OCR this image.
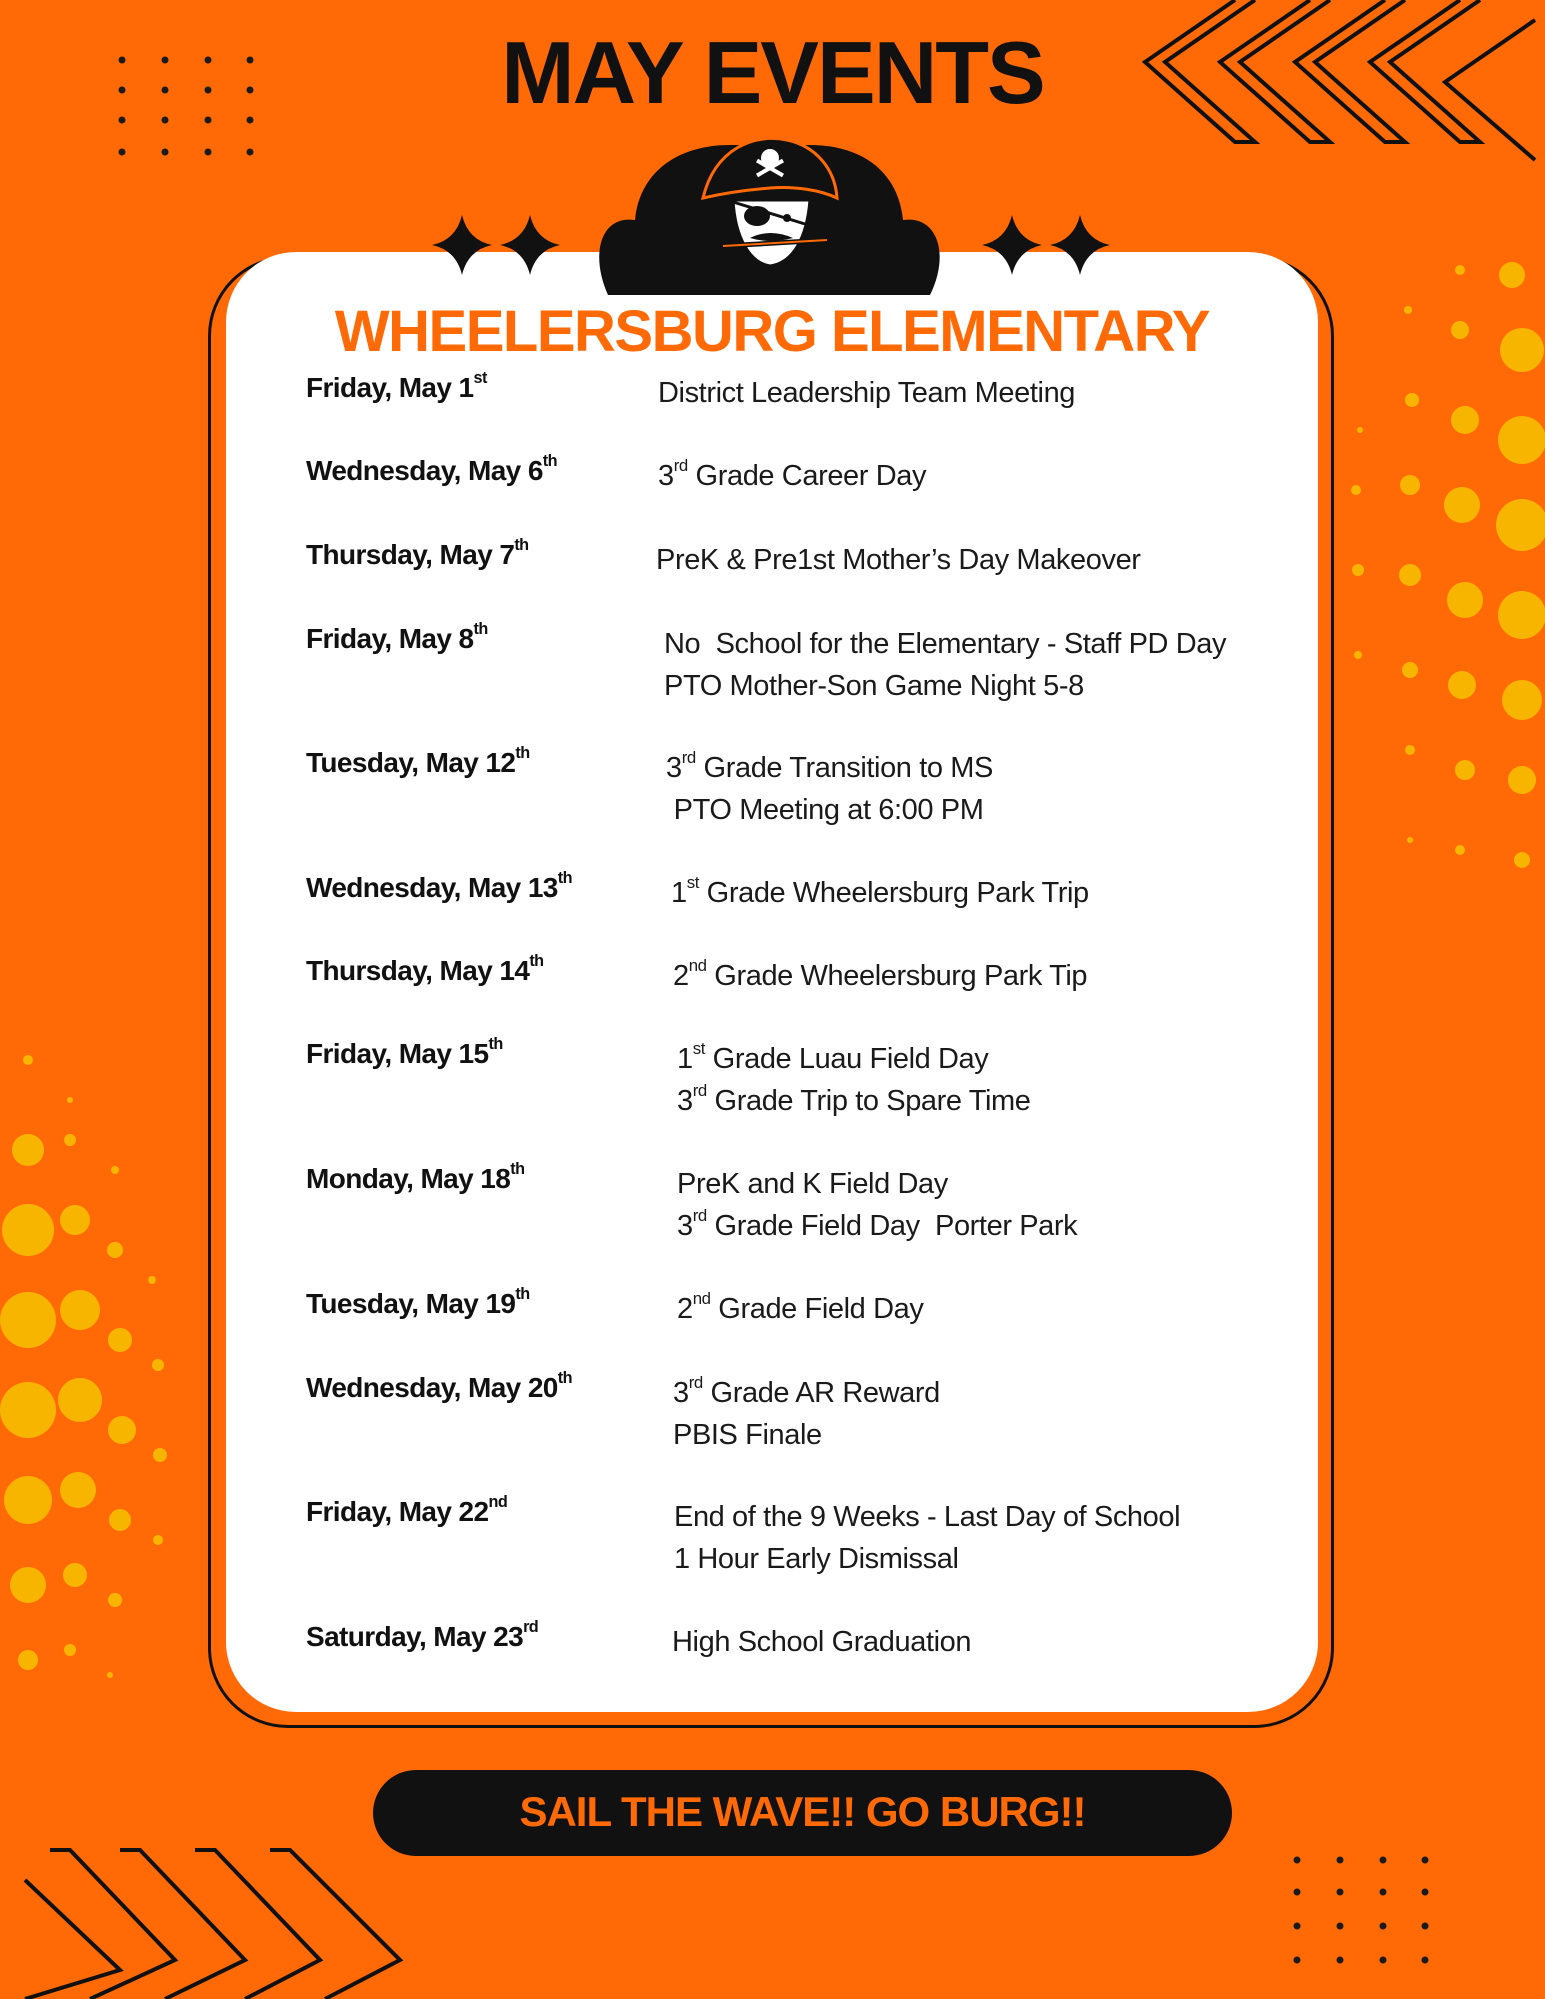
MAY EVENTS
WHEELERSBURG ELEMENTARY
Friday, May 1st	District Leadership Team Meeting
Wednesday, May 6th	3rd Grade Career Day
Thursday, May 7th	PreK & Pre1st Mother’s Day Makeover
Friday, May 8th	No  School for the Elementary - Staff PD Day
PTO Mother-Son Game Night 5-8
Tuesday, May 12th	3rd Grade Transition to MS
PTO Meeting at 6:00 PM
Wednesday, May 13th	1st Grade Wheelersburg Park Trip
Thursday, May 14th	2nd Grade Wheelersburg Park Tip
Friday, May 15th	1st Grade Luau Field Day
3rd Grade Trip to Spare Time
Monday, May 18th	PreK and K Field Day
3rd Grade Field Day  Porter Park
Tuesday, May 19th	2nd Grade Field Day
Wednesday, May 20th	3rd Grade AR Reward
PBIS Finale
Friday, May 22nd	End of the 9 Weeks - Last Day of School
1 Hour Early Dismissal
Saturday, May 23rd	High School Graduation
SAIL THE WAVE!! GO BURG!!
